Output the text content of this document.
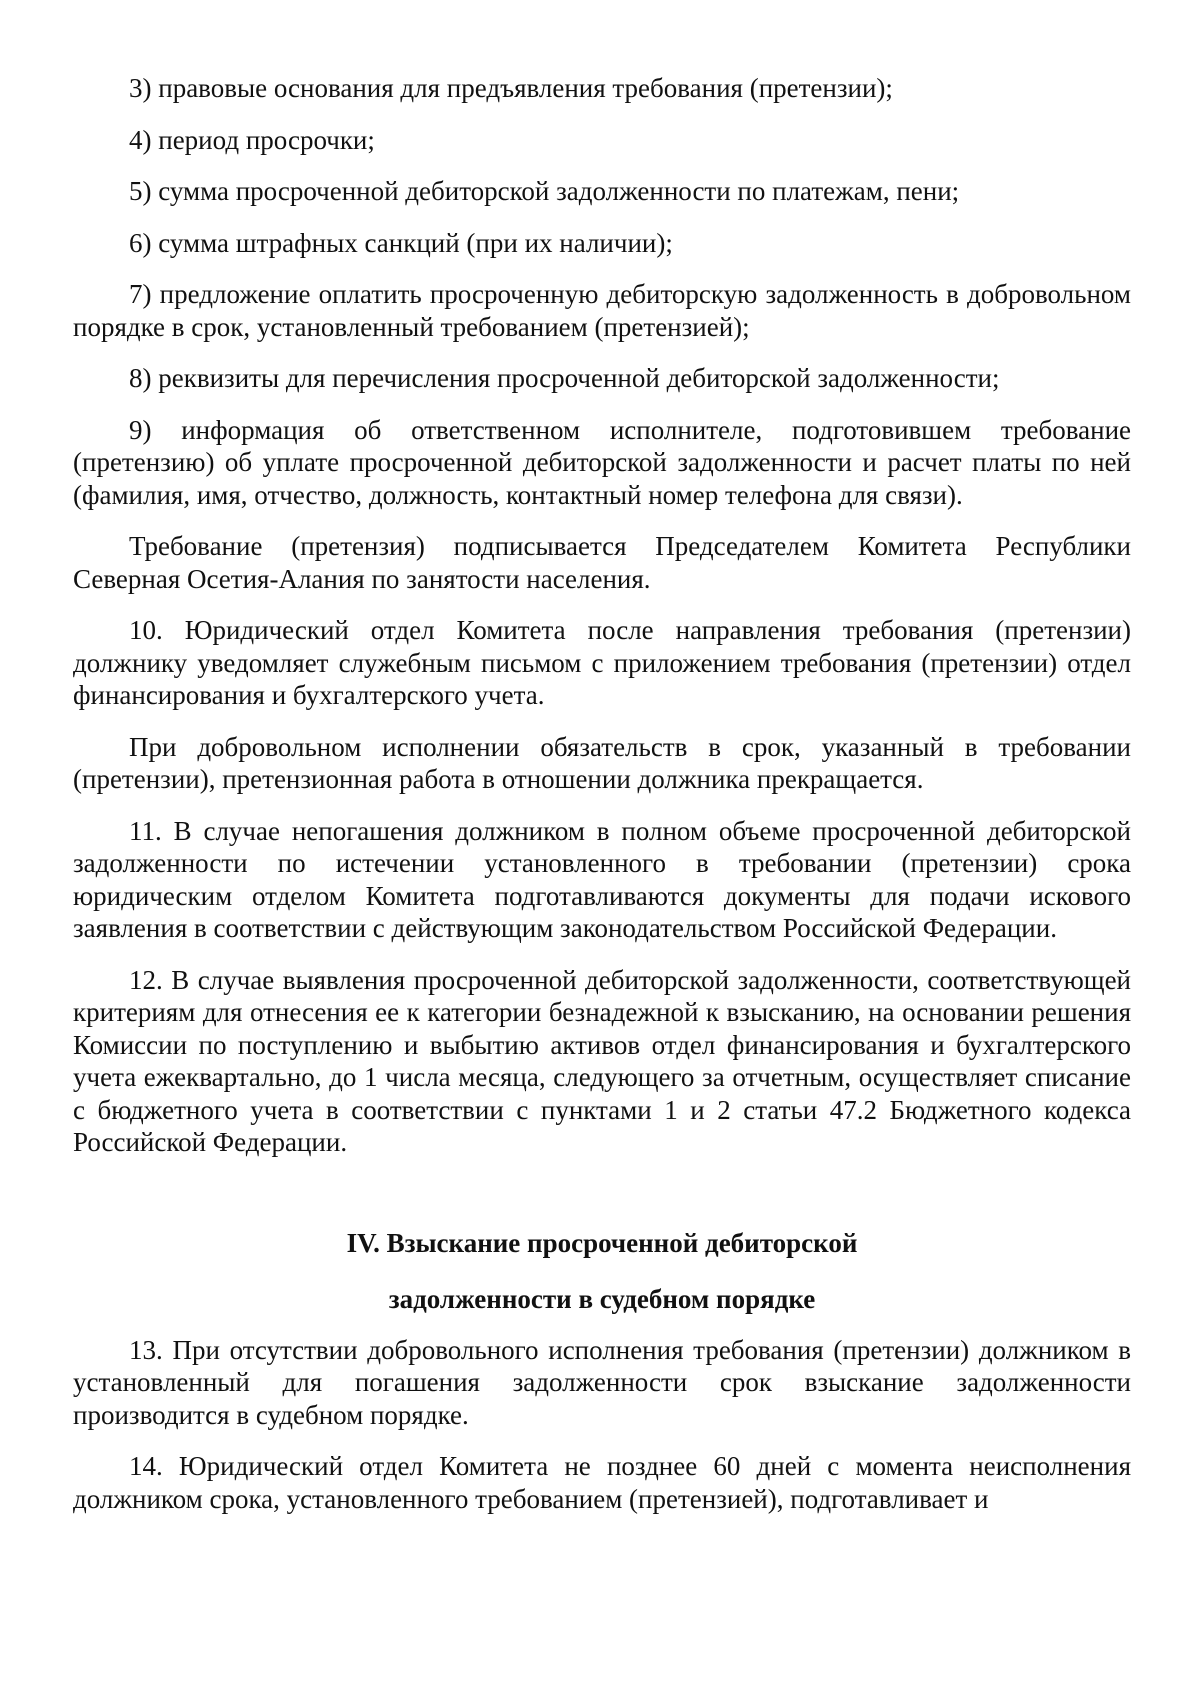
3) правовые основания для предъявления требования (претензии);

4) период просрочки;

5) сумма просроченной дебиторской задолженности по платежам, пени;

6) сумма штрафных санкций (при их наличии);

7) предложение оплатить просроченную дебиторскую задолженность в добровольном порядке в срок, установленный требованием (претензией);

8) реквизиты для перечисления просроченной дебиторской задолженности;

9) информация об ответственном исполнителе, подготовившем требование (претензию) об уплате просроченной дебиторской задолженности и расчет платы по ней (фамилия, имя, отчество, должность, контактный номер телефона для связи).

Требование (претензия) подписывается Председателем Комитета Республики Северная Осетия-Алания по занятости населения.

10. Юридический отдел Комитета после направления требования (претензии) должнику уведомляет служебным письмом с приложением требования (претензии) отдел финансирования и бухгалтерского учета.

При добровольном исполнении обязательств в срок, указанный в требовании (претензии), претензионная работа в отношении должника прекращается.

11. В случае непогашения должником в полном объеме просроченной дебиторской задолженности по истечении установленного в требовании (претензии) срока юридическим отделом Комитета подготавливаются документы для подачи искового заявления в соответствии с действующим законодательством Российской Федерации.

12. В случае выявления просроченной дебиторской задолженности, соответствующей критериям для отнесения ее к категории безнадежной к взысканию, на основании решения Комиссии по поступлению и выбытию активов отдел финансирования и бухгалтерского учета ежеквартально, до 1 числа месяца, следующего за отчетным, осуществляет списание с бюджетного учета в соответствии с пунктами 1 и 2 статьи 47.2 Бюджетного кодекса Российской Федерации.

IV. Взыскание просроченной дебиторской

задолженности в судебном порядке

13. При отсутствии добровольного исполнения требования (претензии) должником в установленный для погашения задолженности срок взыскание задолженности производится в судебном порядке.

14. Юридический отдел Комитета не позднее 60 дней с момента неисполнения должником срока, установленного требованием (претензией), подготавливает и
